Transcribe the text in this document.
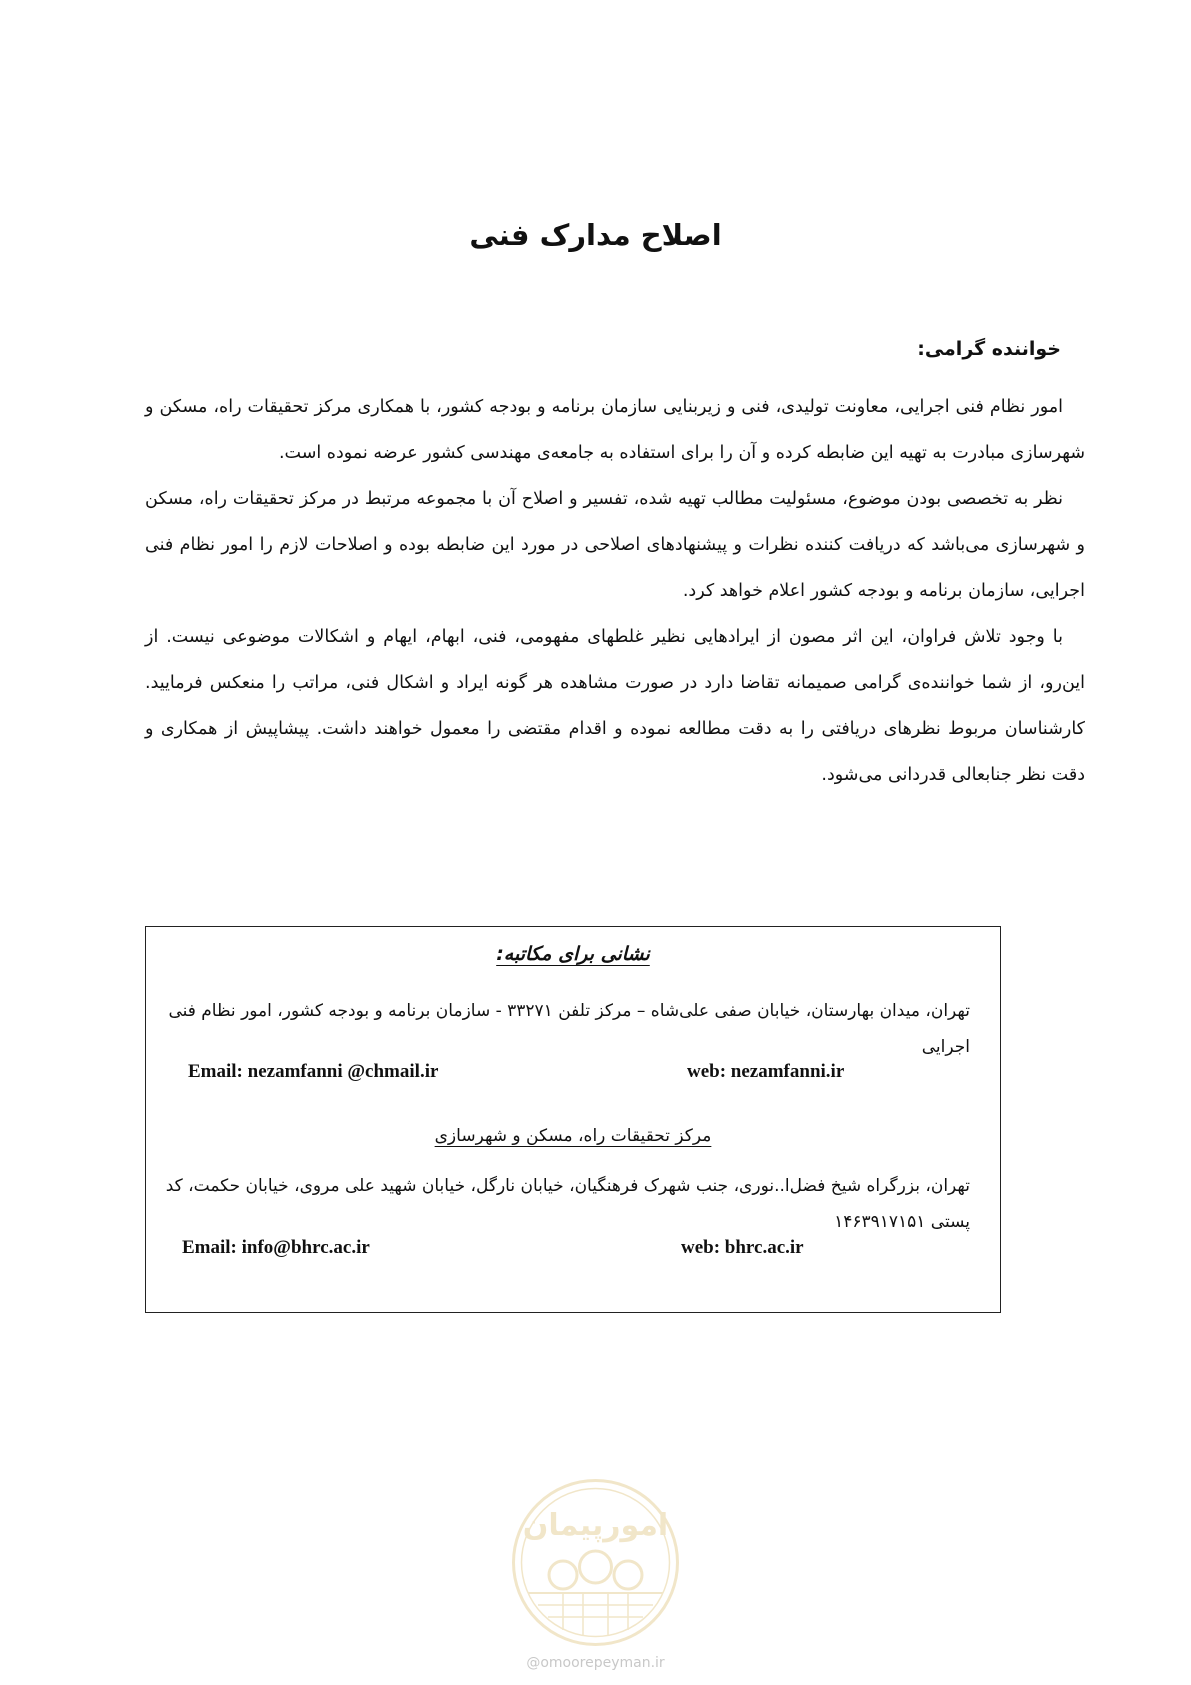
اصلاح مدارک فنی
خواننده گرامی:

امور نظام فنی اجرایی، معاونت تولیدی، فنی و زیربنایی سازمان برنامه و بودجه کشور، با همکاری مرکز تحقیقات راه، مسکن و شهرسازی مبادرت به تهیه این ضابطه کرده و آن را برای استفاده به جامعه‌ی مهندسی کشور عرضه نموده است.

نظر به تخصصی بودن موضوع، مسئولیت مطالب تهیه شده، تفسیر و اصلاح آن با مجموعه مرتبط در مرکز تحقیقات راه، مسکن و شهرسازی می‌باشد که دریافت کننده نظرات و پیشنهادهای اصلاحی در مورد این ضابطه بوده و اصلاحات لازم را امور نظام فنی اجرایی، سازمان برنامه و بودجه کشور اعلام خواهد کرد.

با وجود تلاش فراوان، این اثر مصون از ایرادهایی نظیر غلطهای مفهومی، فنی، ابهام، ایهام و اشکالات موضوعی نیست. از این‌رو، از شما خواننده‌ی گرامی صمیمانه تقاضا دارد در صورت مشاهده هر گونه ایراد و اشکال فنی، مراتب را منعکس فرمایید. کارشناسان مربوط نظرهای دریافتی را به دقت مطالعه نموده و اقدام مقتضی را معمول خواهند داشت. پیشاپیش از همکاری و دقت نظر جنابعالی قدردانی می‌شود.

نشانی برای مکاتبه:
تهران، میدان بهارستان، خیابان صفی علی‌شاه – مرکز تلفن ۳۳۲۷۱ - سازمان برنامه و بودجه کشور، امور نظام فنی اجرایی
Email: nezamfanni @chmail.ir	web: nezamfanni.ir
مرکز تحقیقات راه، مسکن و شهرسازی
تهران، بزرگراه شیخ فضل‌ا..نوری، جنب شهرک فرهنگیان، خیابان نارگل، خیابان شهید علی مروی، خیابان حکمت، کد پستی ۱۴۶۳۹۱۷۱۵۱
Email: info@bhrc.ac.ir	web: bhrc.ac.ir
امورپیمان
@omoorepeyman.ir
